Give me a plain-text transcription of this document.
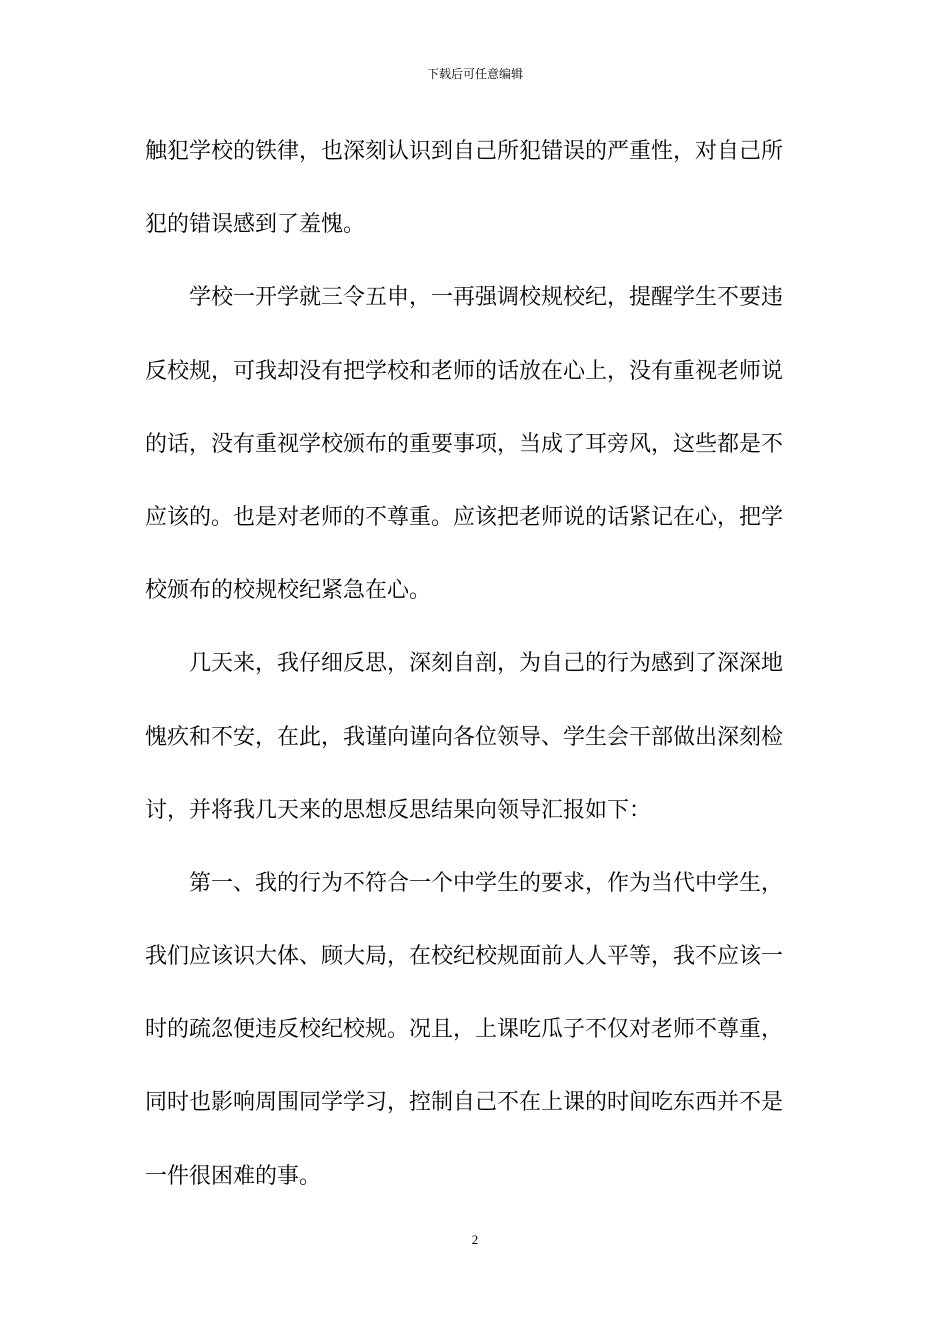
下载后可任意编辑
触犯学校的铁律，也深刻认识到自己所犯错误的严重性，对自己所
犯的错误感到了羞愧。
　　学校一开学就三令五申，一再强调校规校纪，提醒学生不要违
反校规，可我却没有把学校和老师的话放在心上，没有重视老师说
的话，没有重视学校颁布的重要事项，当成了耳旁风，这些都是不
应该的。也是对老师的不尊重。应该把老师说的话紧记在心，把学
校颁布的校规校纪紧急在心。
　　几天来，我仔细反思，深刻自剖，为自己的行为感到了深深地
愧疚和不安，在此，我谨向谨向各位领导、学生会干部做出深刻检
讨，并将我几天来的思想反思结果向领导汇报如下：
　　第一、我的行为不符合一个中学生的要求，作为当代中学生，
我们应该识大体、顾大局，在校纪校规面前人人平等，我不应该一
时的疏忽便违反校纪校规。况且，上课吃瓜子不仅对老师不尊重，
同时也影响周围同学学习，控制自己不在上课的时间吃东西并不是
一件很困难的事。
2
